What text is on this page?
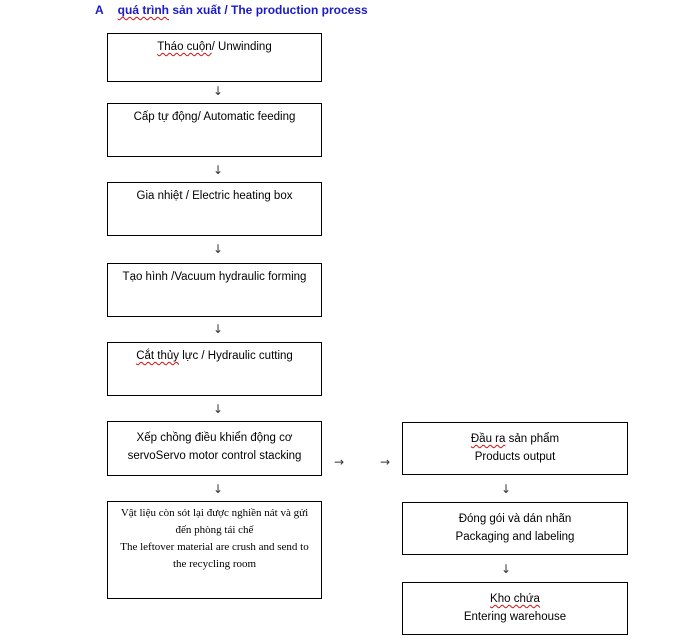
A quá trình sản xuất / The production process
Tháo cuộn/ Unwinding
↓
Cấp tự động/ Automatic feeding
↓
Gia nhiệt / Electric heating box
↓
Tạo hình /Vacuum hydraulic forming
↓
Cắt thủy lực / Hydraulic cutting
↓
Xếp chồng điều khiển động cơ
servoServo motor control stacking
↓
Vật liệu còn sót lại được nghiền nát và gửi
đến phòng tái chế
The leftover material are crush and send to
the recycling room
→	→
Đầu ra sản phẩm
Products output
↓
Đóng gói và dán nhãn
Packaging and labeling
↓
Kho chứa
Entering warehouse
